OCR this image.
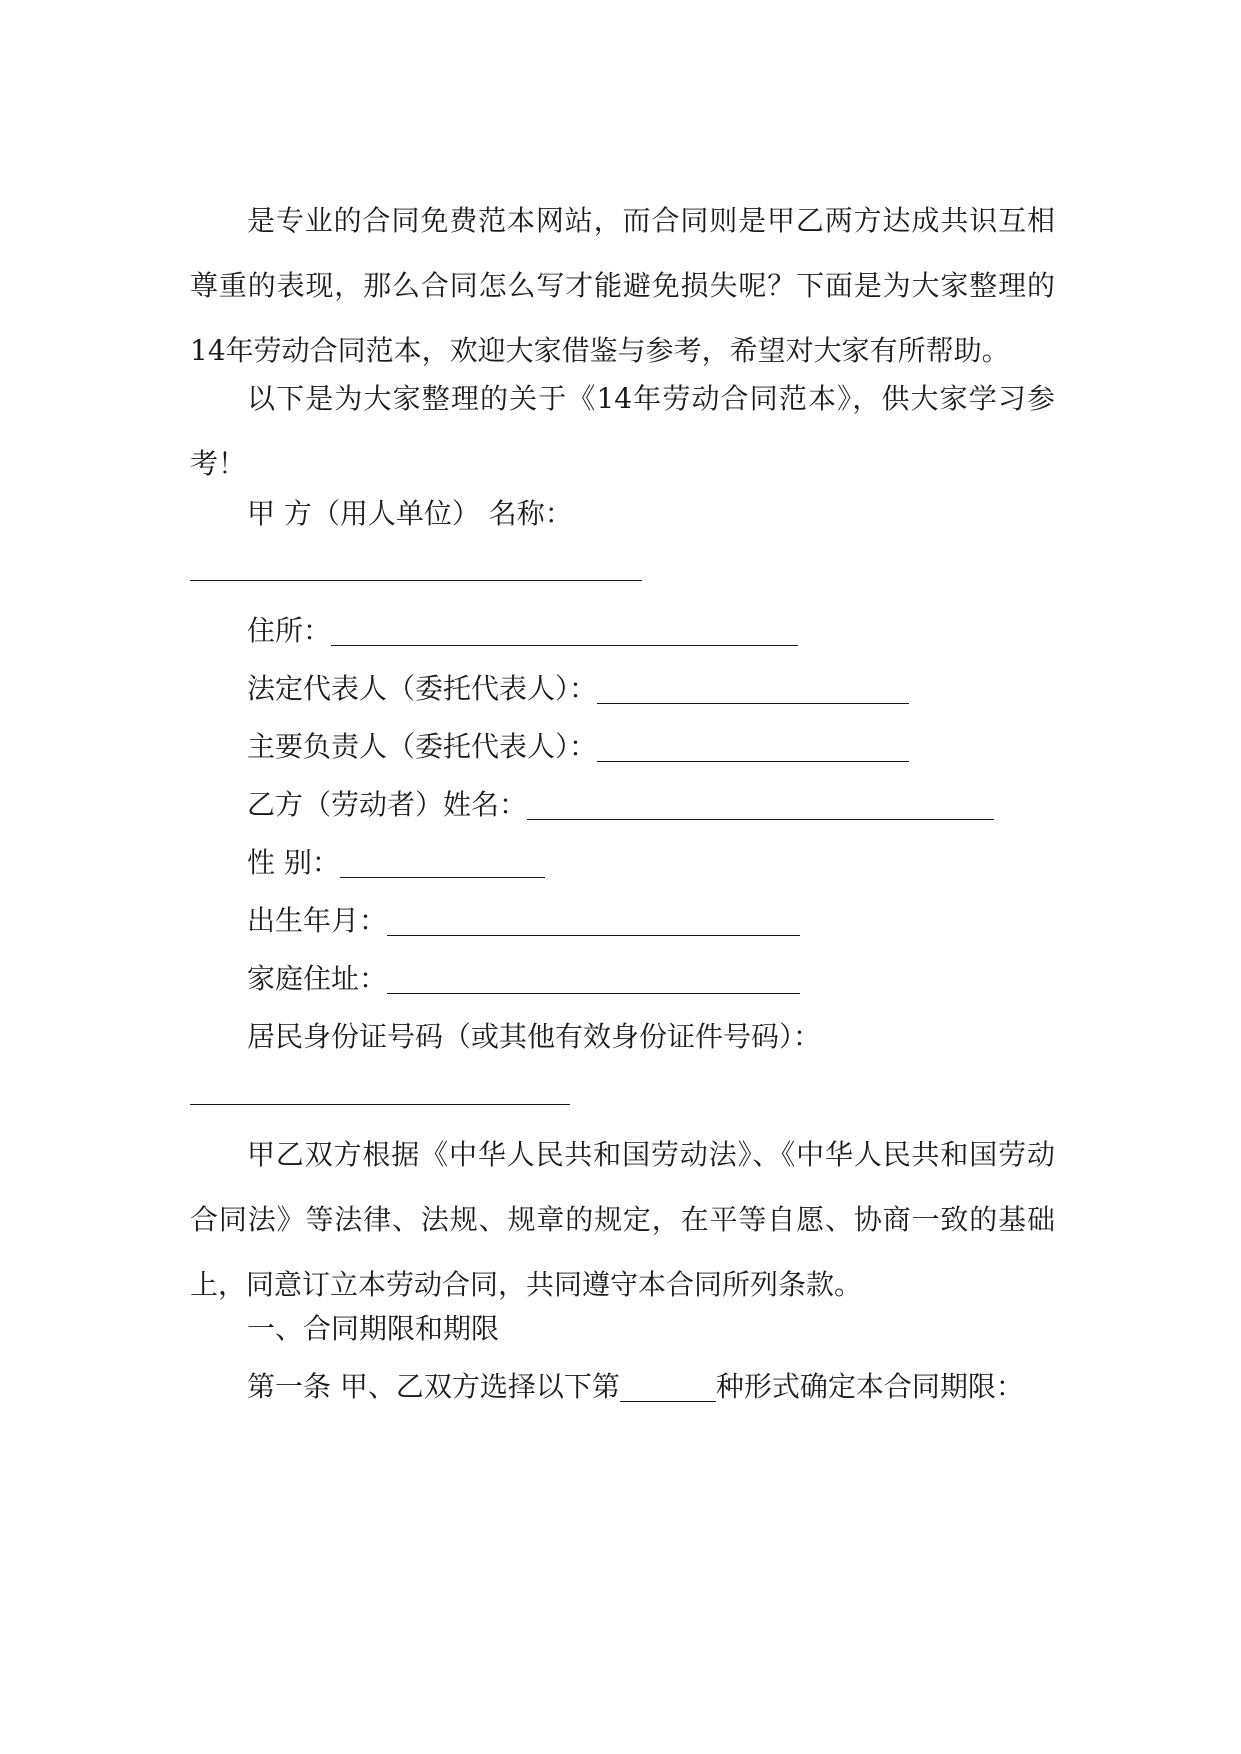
是专业的合同免费范本网站，而合同则是甲乙两方达成共识互相尊重的表现，那么合同怎么写才能避免损失呢？下面是为大家整理的14年劳动合同范本，欢迎大家借鉴与参考，希望对大家有所帮助。

以下是为大家整理的关于《14年劳动合同范本》，供大家学习参考！

甲 方（用人单位） 名称：

住所：

法定代表人（委托代表人）：

主要负责人（委托代表人）：

乙方（劳动者）姓名：

性 别：

出生年月：

家庭住址：

居民身份证号码（或其他有效身份证件号码）：

甲乙双方根据《中华人民共和国劳动法》、《中华人民共和国劳动合同法》等法律、法规、规章的规定，在平等自愿、协商一致的基础上，同意订立本劳动合同，共同遵守本合同所列条款。

一、合同期限和期限

第一条 甲、乙双方选择以下第	种形式确定本合同期限：
